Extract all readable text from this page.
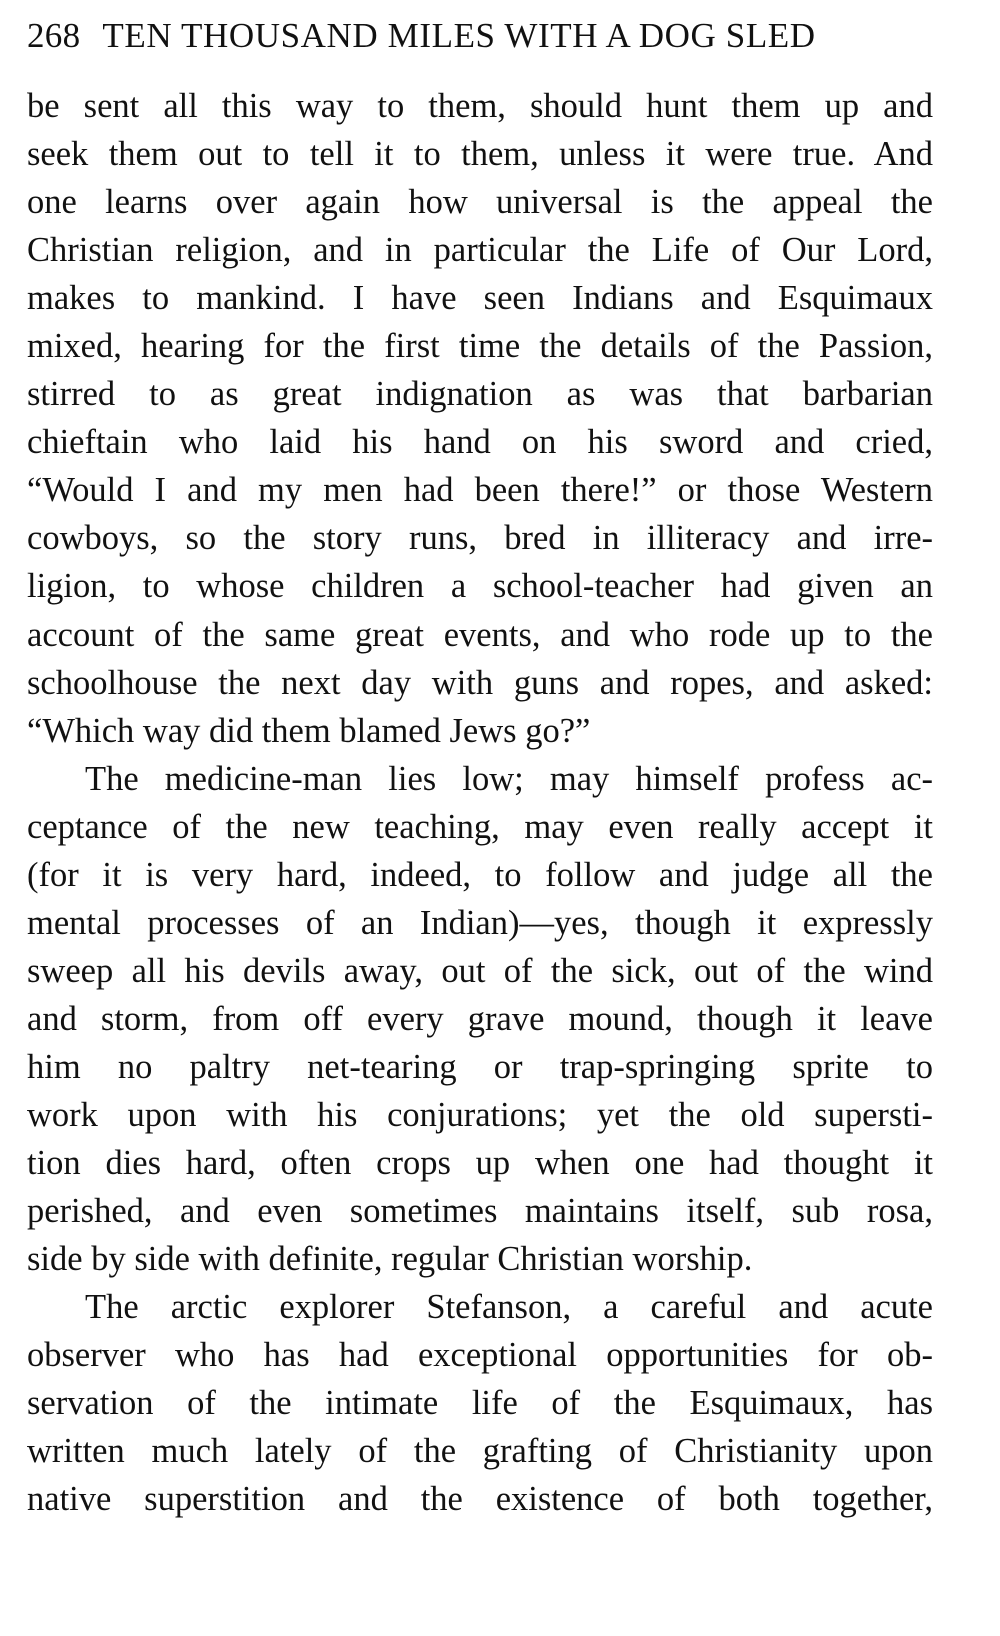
268 TEN THOUSAND MILES WITH A DOG SLED
be sent all this way to them, should hunt them up and
seek them out to tell it to them, unless it were true. And
one learns over again how universal is the appeal the
Christian religion, and in particular the Life of Our Lord,
makes to mankind. I have seen Indians and Esquimaux
mixed, hearing for the first time the details of the Passion,
stirred to as great indignation as was that barbarian
chieftain who laid his hand on his sword and cried,
“Would I and my men had been there!” or those Western
cowboys, so the story runs, bred in illiteracy and irre-
ligion, to whose children a school-teacher had given an
account of the same great events, and who rode up to the
schoolhouse the next day with guns and ropes, and asked:
“Which way did them blamed Jews go?”
The medicine-man lies low; may himself profess ac-
ceptance of the new teaching, may even really accept it
(for it is very hard, indeed, to follow and judge all the
mental processes of an Indian)—yes, though it expressly
sweep all his devils away, out of the sick, out of the wind
and storm, from off every grave mound, though it leave
him no paltry net-tearing or trap-springing sprite to
work upon with his conjurations; yet the old supersti-
tion dies hard, often crops up when one had thought it
perished, and even sometimes maintains itself, sub rosa,
side by side with definite, regular Christian worship.
The arctic explorer Stefanson, a careful and acute
observer who has had exceptional opportunities for ob-
servation of the intimate life of the Esquimaux, has
written much lately of the grafting of Christianity upon
native superstition and the existence of both together,
